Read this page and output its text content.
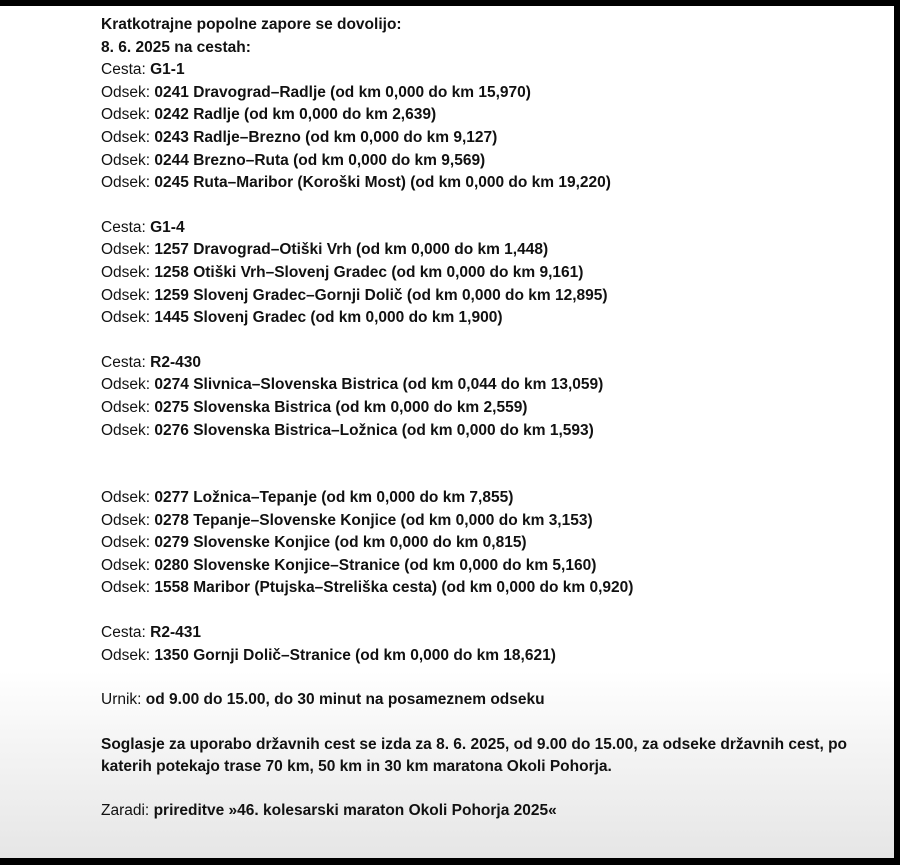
Kratkotrajne popolne zapore se dovolijo:
8. 6. 2025 na cestah:
Cesta: G1-1
Odsek: 0241 Dravograd–Radlje (od km 0,000 do km 15,970)
Odsek: 0242 Radlje (od km 0,000 do km 2,639)
Odsek: 0243 Radlje–Brezno (od km 0,000 do km 9,127)
Odsek: 0244 Brezno–Ruta (od km 0,000 do km 9,569)
Odsek: 0245 Ruta–Maribor (Koroški Most) (od km 0,000 do km 19,220)
Cesta: G1-4
Odsek: 1257 Dravograd–Otiški Vrh (od km 0,000 do km 1,448)
Odsek: 1258 Otiški Vrh–Slovenj Gradec (od km 0,000 do km 9,161)
Odsek: 1259 Slovenj Gradec–Gornji Dolič (od km 0,000 do km 12,895)
Odsek: 1445 Slovenj Gradec (od km 0,000 do km 1,900)
Cesta: R2-430
Odsek: 0274 Slivnica–Slovenska Bistrica (od km 0,044 do km 13,059)
Odsek: 0275 Slovenska Bistrica (od km 0,000 do km 2,559)
Odsek: 0276 Slovenska Bistrica–Ložnica (od km 0,000 do km 1,593)
Odsek: 0277 Ložnica–Tepanje (od km 0,000 do km 7,855)
Odsek: 0278 Tepanje–Slovenske Konjice (od km 0,000 do km 3,153)
Odsek: 0279 Slovenske Konjice (od km 0,000 do km 0,815)
Odsek: 0280 Slovenske Konjice–Stranice (od km 0,000 do km 5,160)
Odsek: 1558 Maribor (Ptujska–Streliška cesta) (od km 0,000 do km 0,920)
Cesta: R2-431
Odsek: 1350 Gornji Dolič–Stranice (od km 0,000 do km 18,621)
Urnik: od 9.00 do 15.00, do 30 minut na posameznem odseku
Soglasje za uporabo državnih cest se izda za 8. 6. 2025, od 9.00 do 15.00, za odseke državnih cest, po katerih potekajo trase 70 km, 50 km in 30 km maratona Okoli Pohorja.
Zaradi: prireditve »46. kolesarski maraton Okoli Pohorja 2025«
